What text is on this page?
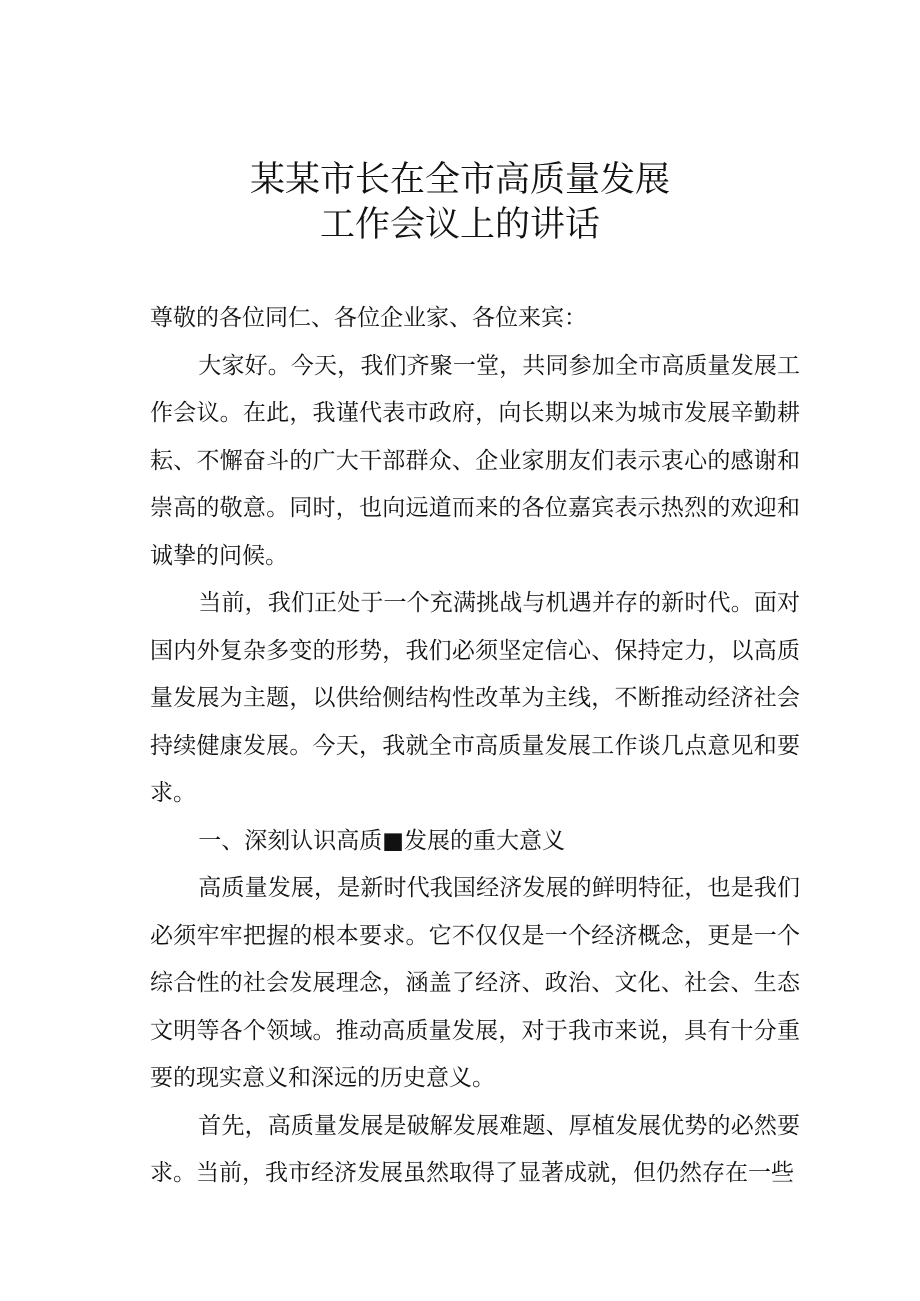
某某市长在全市高质量发展
工作会议上的讲话

尊敬的各位同仁、各位企业家、各位来宾：

大家好。今天，我们齐聚一堂，共同参加全市高质量发展工作会议。在此，我谨代表市政府，向长期以来为城市发展辛勤耕耘、不懈奋斗的广大干部群众、企业家朋友们表示衷心的感谢和崇高的敬意。同时，也向远道而来的各位嘉宾表示热烈的欢迎和诚挚的问候。

当前，我们正处于一个充满挑战与机遇并存的新时代。面对国内外复杂多变的形势，我们必须坚定信心、保持定力，以高质量发展为主题，以供给侧结构性改革为主线，不断推动经济社会持续健康发展。今天，我就全市高质量发展工作谈几点意见和要求。

一、深刻认识高质■发展的重大意义

高质量发展，是新时代我国经济发展的鲜明特征，也是我们必须牢牢把握的根本要求。它不仅仅是一个经济概念，更是一个综合性的社会发展理念，涵盖了经济、政治、文化、社会、生态文明等各个领域。推动高质量发展，对于我市来说，具有十分重要的现实意义和深远的历史意义。

首先，高质量发展是破解发展难题、厚植发展优势的必然要求。当前，我市经济发展虽然取得了显著成就，但仍然存在一些
